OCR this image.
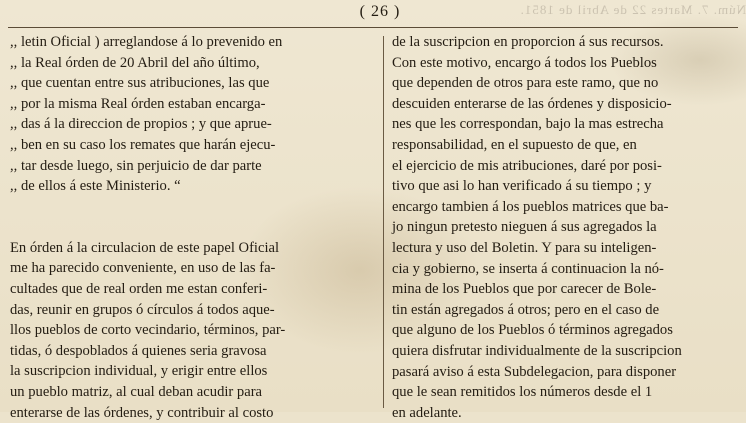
Núm. 7. Martes 22 de Abril de 1851.
( 26 )
,, letin Oficial ) arreglandose á lo prevenido en
,, la Real órden de 20 Abril del año último,
,, que cuentan entre sus atribuciones, las que
,, por la misma Real órden estaban encarga-
,, das á la direccion de propios ; y que aprue-
,, ben en su caso los remates que harán ejecu-
,, tar desde luego, sin perjuicio de dar parte
,, de ellos á este Ministerio. “
En órden á la circulacion de este papel Oficial
me ha parecido conveniente, en uso de las fa-
cultades que de real orden me estan conferi-
das, reunir en grupos ó círculos á todos aque-
llos pueblos de corto vecindario, términos, par-
tidas, ó despoblados á quienes seria gravosa
la suscripcion individual, y erigir entre ellos
un pueblo matriz, al cual deban acudir para
enterarse de las órdenes, y contribuir al costo
de la suscripcion en proporcion á sus recursos.
Con este motivo, encargo á todos los Pueblos
que dependen de otros para este ramo, que no
descuiden enterarse de las órdenes y disposicio-
nes que les correspondan, bajo la mas estrecha
responsabilidad, en el supuesto de que, en
el ejercicio de mis atribuciones, daré por posi-
tivo que asi lo han verificado á su tiempo ; y
encargo tambien á los pueblos matrices que ba-
jo ningun pretesto nieguen á sus agregados la
lectura y uso del Boletin. Y para su inteligen-
cia y gobierno, se inserta á continuacion la nó-
mina de los Pueblos que por carecer de Bole-
tin están agregados á otros; pero en el caso de
que alguno de los Pueblos ó términos agregados
quiera disfrutar individualmente de la suscripcion
pasará aviso á esta Subdelegacion, para disponer
que le sean remitidos los números desde el 1
en adelante.
